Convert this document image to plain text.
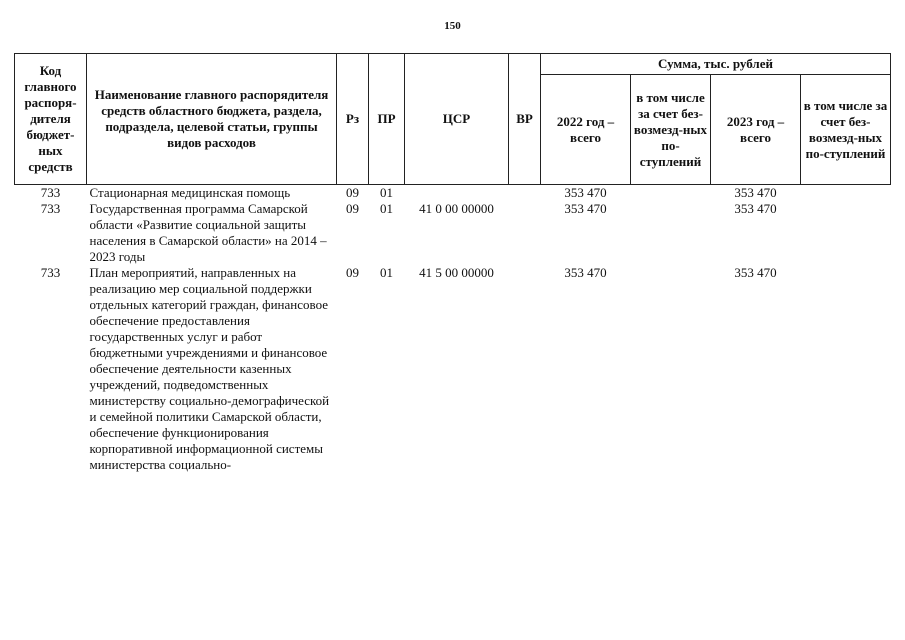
150
Код главного распоря-дителя бюджет-ных средств	Наименование главного распорядителя средств областного бюджета, раздела, подраздела, целевой статьи, группы видов расходов	Рз	ПР	ЦСР	ВР	Сумма, тыс. рублей			
						2022 год – всего	в том числе за счет без-возмезд-ных по-ступлений	2023 год – всего	в том числе за счет без-возмезд-ных по-ступлений
733	Стационарная медицинская помощь	09	01			353 470		353 470	
733	Государственная программа Самарской области «Развитие социальной защиты населения в Самарской области» на 2014 – 2023 годы	09	01	41 0 00 00000		353 470		353 470	
733	План мероприятий, направленных на реализацию мер социальной поддержки отдельных категорий граждан, финансовое обеспечение предоставления государственных услуг и работ бюджетными учреждениями и финансовое обеспечение деятельности казенных учреждений, подведомственных министерству социально-демографической и семейной политики Самарской области, обеспечение функционирования корпоративной информационной системы министерства социально-	09	01	41 5 00 00000		353 470		353 470	
